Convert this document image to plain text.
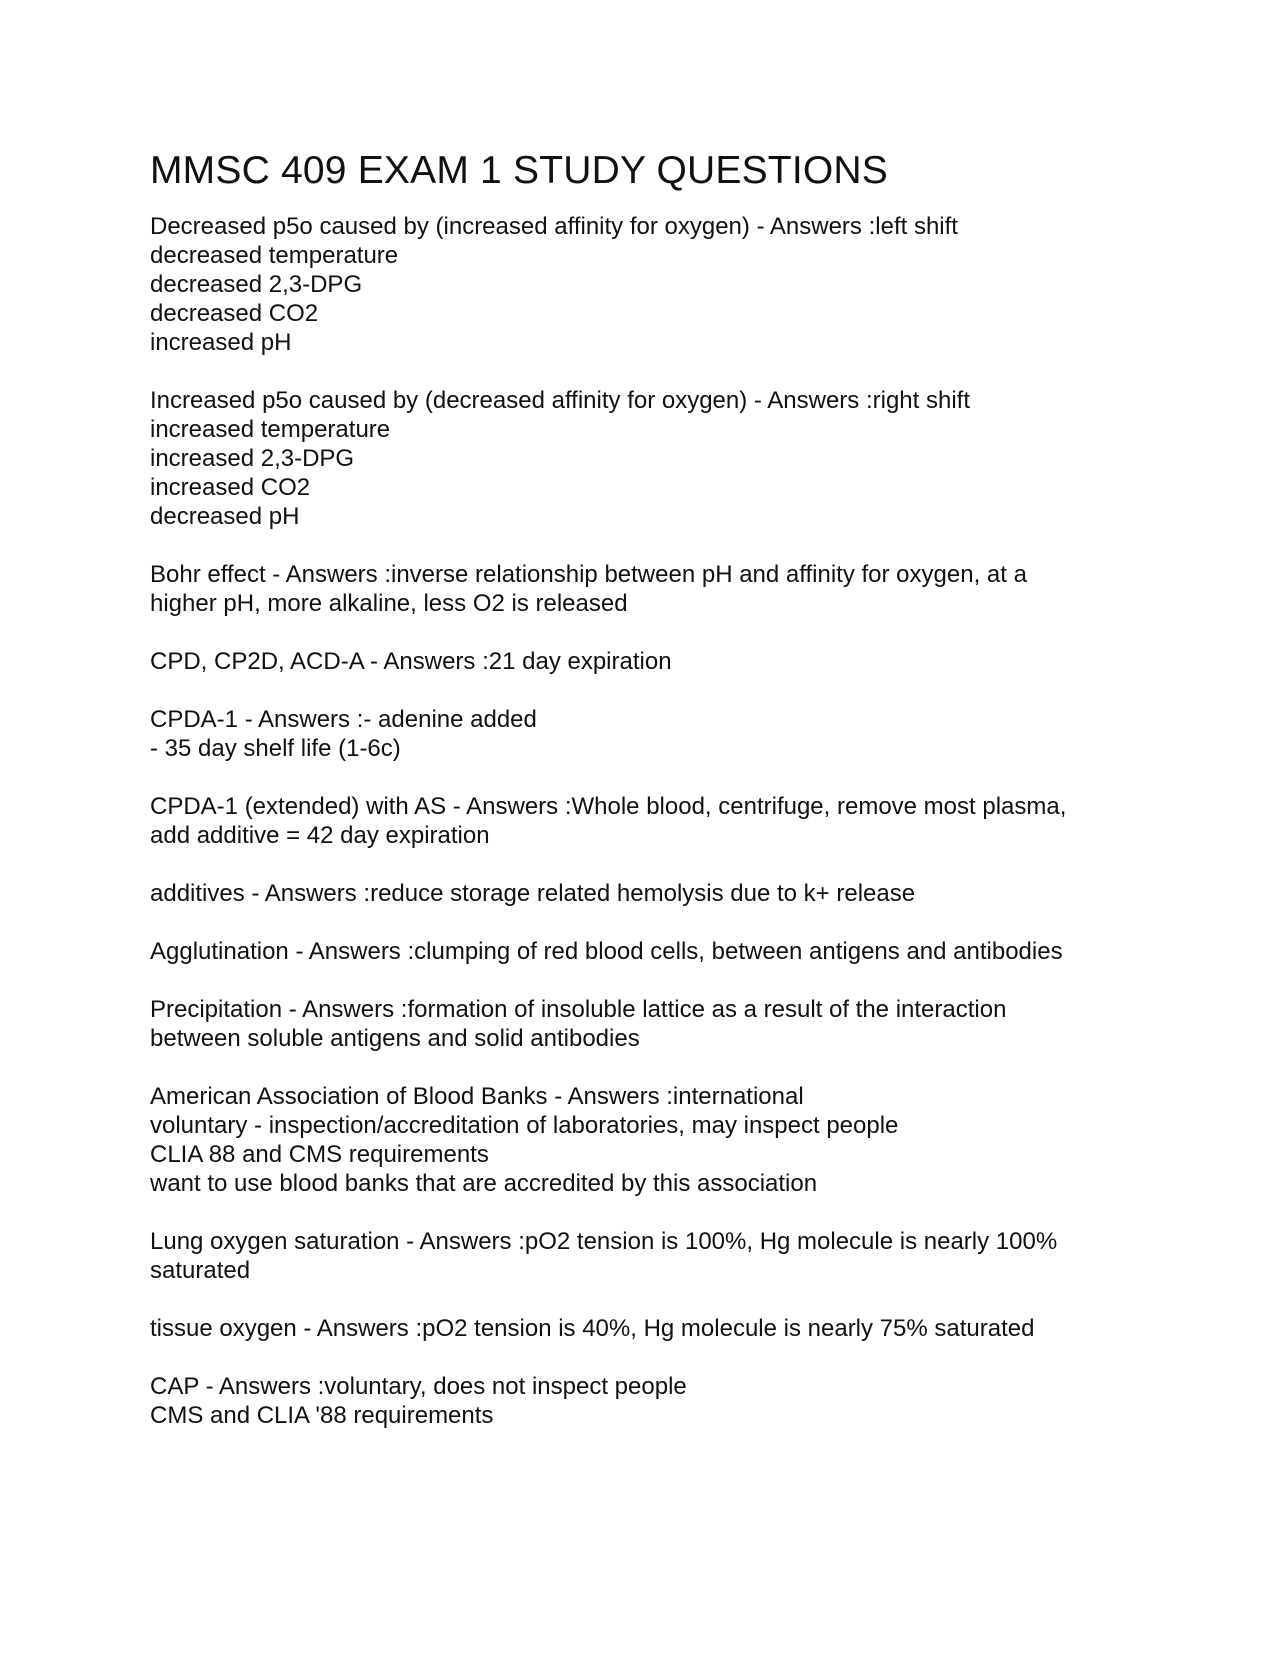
MMSC 409 EXAM 1 STUDY QUESTIONS
Decreased p5o caused by (increased affinity for oxygen) - Answers :left shift
decreased temperature
decreased 2,3-DPG
decreased CO2
increased pH
Increased p5o caused by (decreased affinity for oxygen) - Answers :right shift
increased temperature
increased 2,3-DPG
increased CO2
decreased pH
Bohr effect - Answers :inverse relationship between pH and affinity for oxygen, at a
higher pH, more alkaline, less O2 is released
CPD, CP2D, ACD-A - Answers :21 day expiration
CPDA-1 - Answers :- adenine added
- 35 day shelf life (1-6c)
CPDA-1 (extended) with AS - Answers :Whole blood, centrifuge, remove most plasma,
add additive = 42 day expiration
additives - Answers :reduce storage related hemolysis due to k+ release
Agglutination - Answers :clumping of red blood cells, between antigens and antibodies
Precipitation - Answers :formation of insoluble lattice as a result of the interaction
between soluble antigens and solid antibodies
American Association of Blood Banks - Answers :international
voluntary - inspection/accreditation of laboratories, may inspect people
CLIA 88 and CMS requirements
want to use blood banks that are accredited by this association
Lung oxygen saturation - Answers :pO2 tension is 100%, Hg molecule is nearly 100%
saturated
tissue oxygen - Answers :pO2 tension is 40%, Hg molecule is nearly 75% saturated
CAP - Answers :voluntary, does not inspect people
CMS and CLIA '88 requirements
